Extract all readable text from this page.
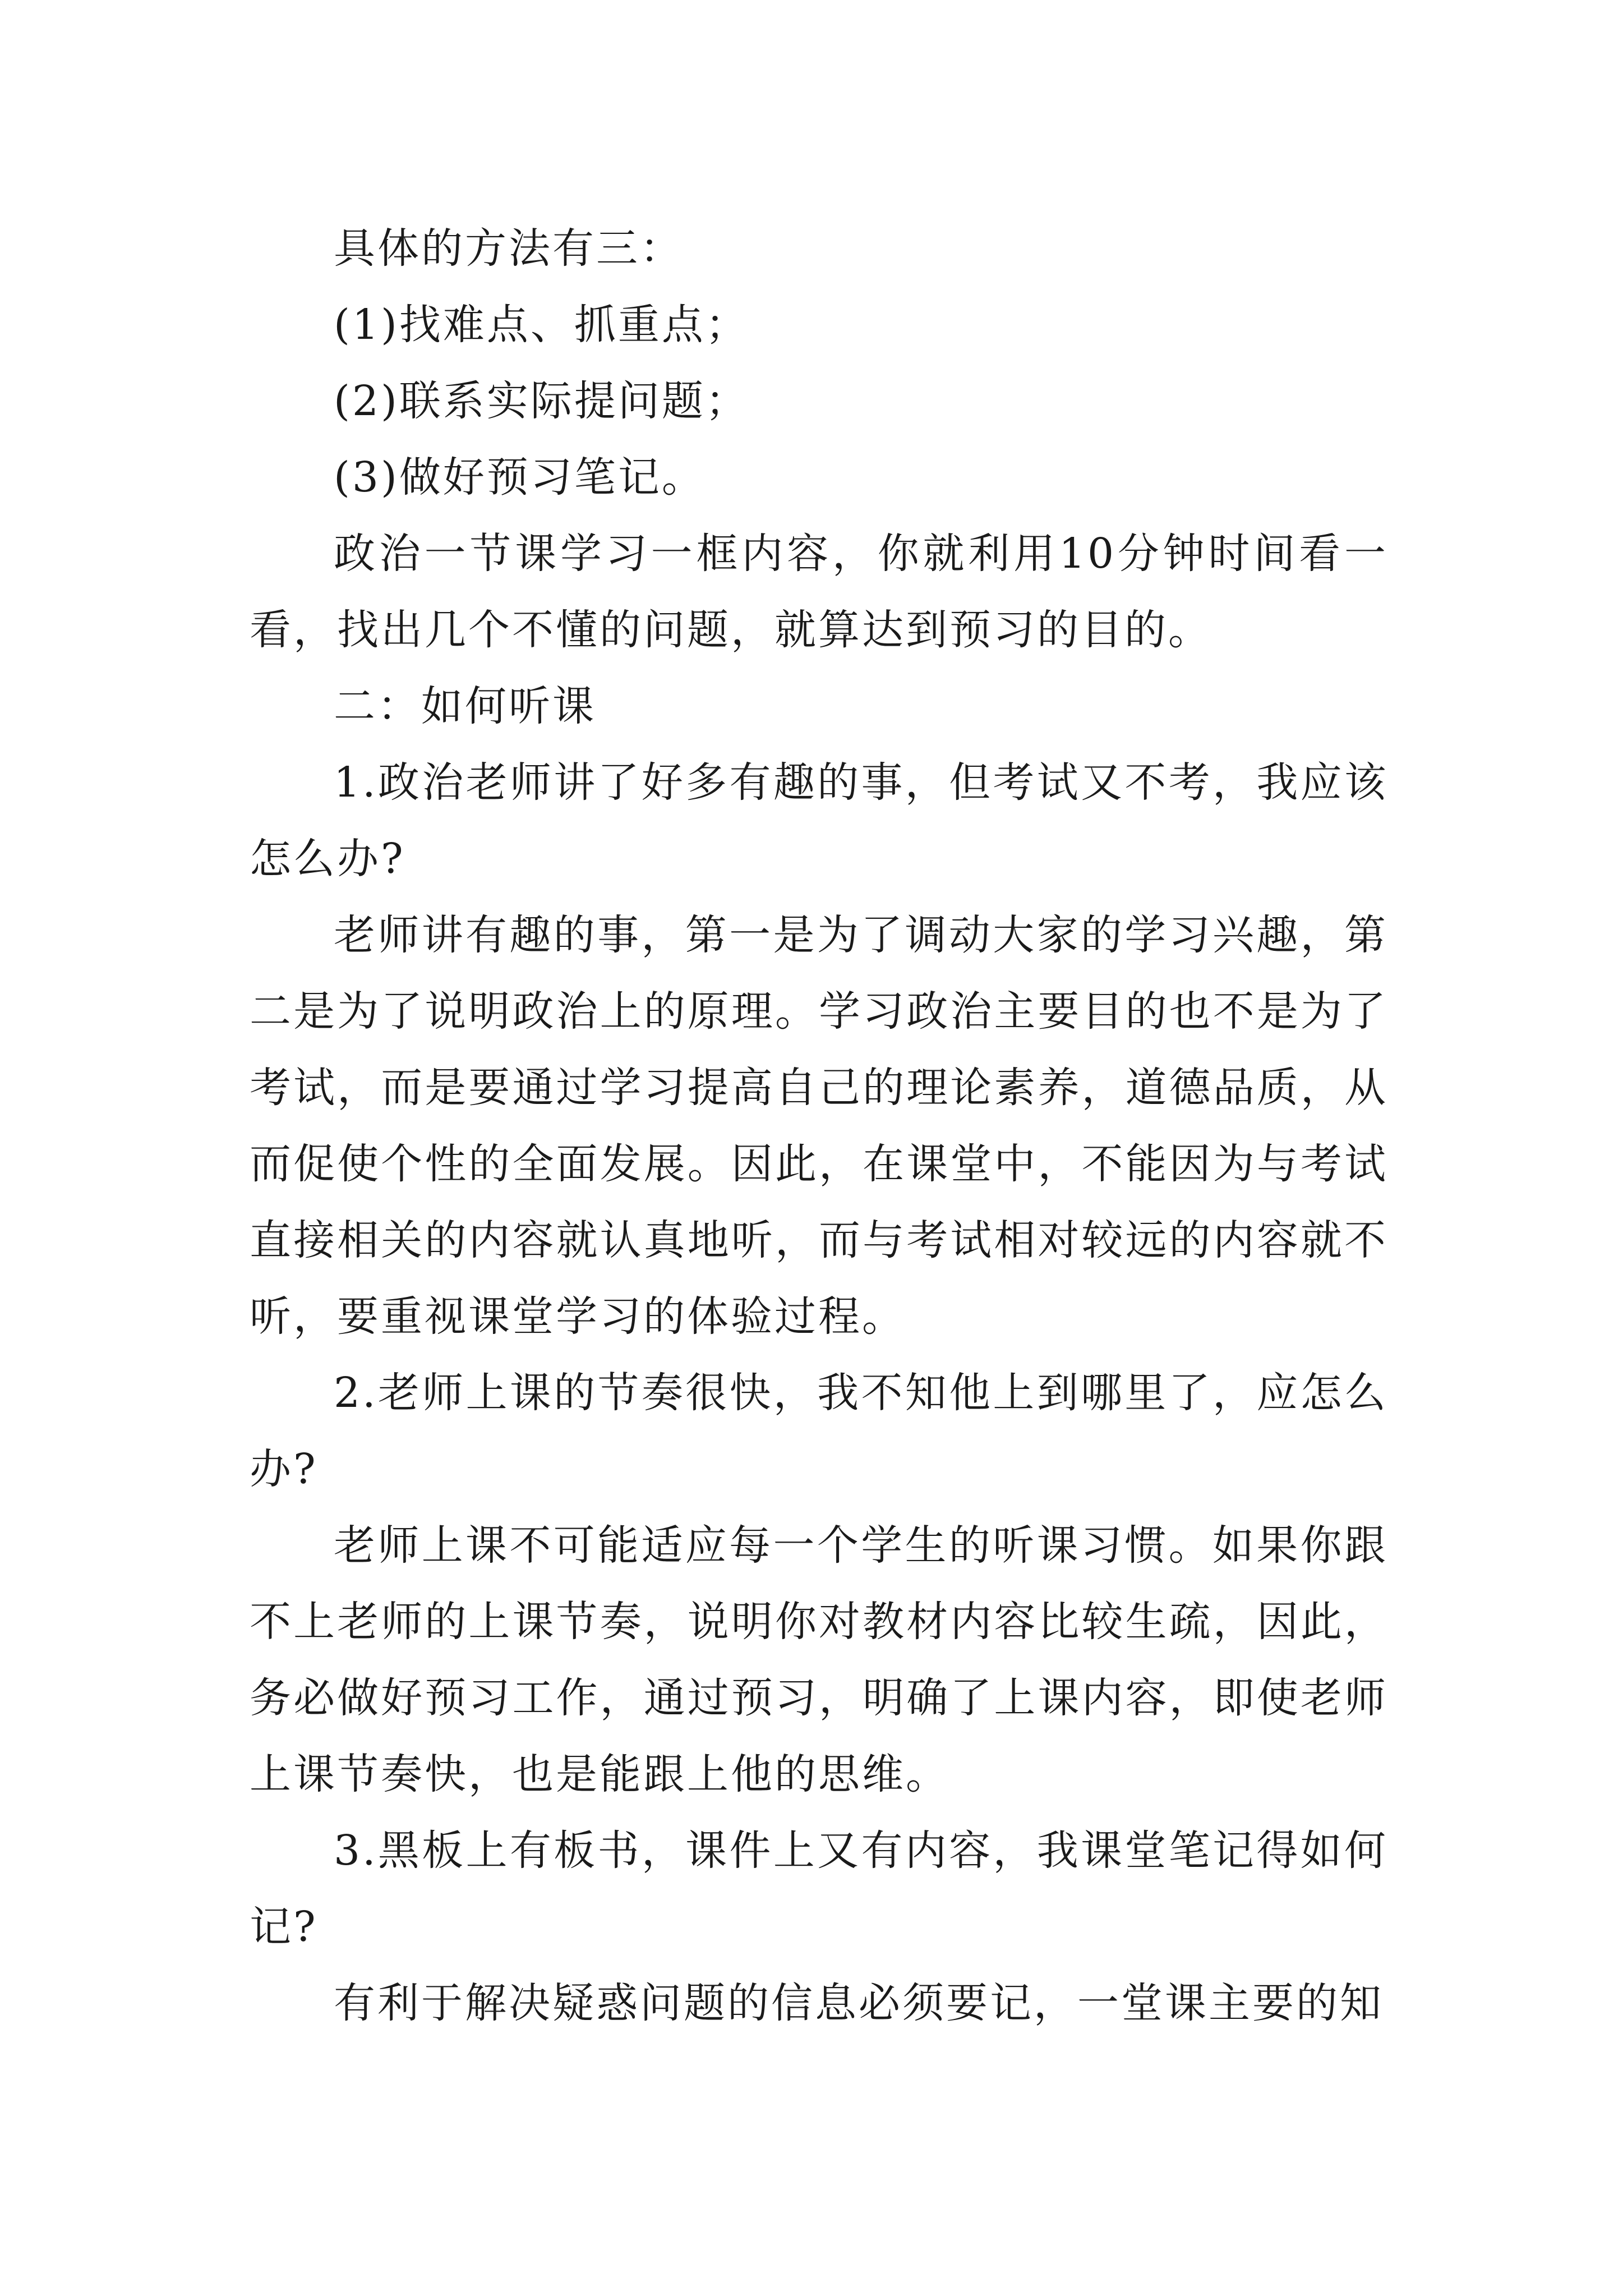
具体的方法有三：

(1)找难点、抓重点；

(2)联系实际提问题；

(3)做好预习笔记。

政治一节课学习一框内容，你就利用10分钟时间看一看，找出几个不懂的问题，就算达到预习的目的。

二：如何听课

1.政治老师讲了好多有趣的事，但考试又不考，我应该怎么办?

老师讲有趣的事，第一是为了调动大家的学习兴趣，第二是为了说明政治上的原理。学习政治主要目的也不是为了考试，而是要通过学习提高自己的理论素养，道德品质，从而促使个性的全面发展。因此，在课堂中，不能因为与考试直接相关的内容就认真地听，而与考试相对较远的内容就不听，要重视课堂学习的体验过程。

2.老师上课的节奏很快，我不知他上到哪里了，应怎么办?

老师上课不可能适应每一个学生的听课习惯。如果你跟不上老师的上课节奏，说明你对教材内容比较生疏，因此，务必做好预习工作，通过预习，明确了上课内容，即使老师上课节奏快，也是能跟上他的思维。

3.黑板上有板书，课件上又有内容，我课堂笔记得如何记?

有利于解决疑惑问题的信息必须要记，一堂课主要的知
